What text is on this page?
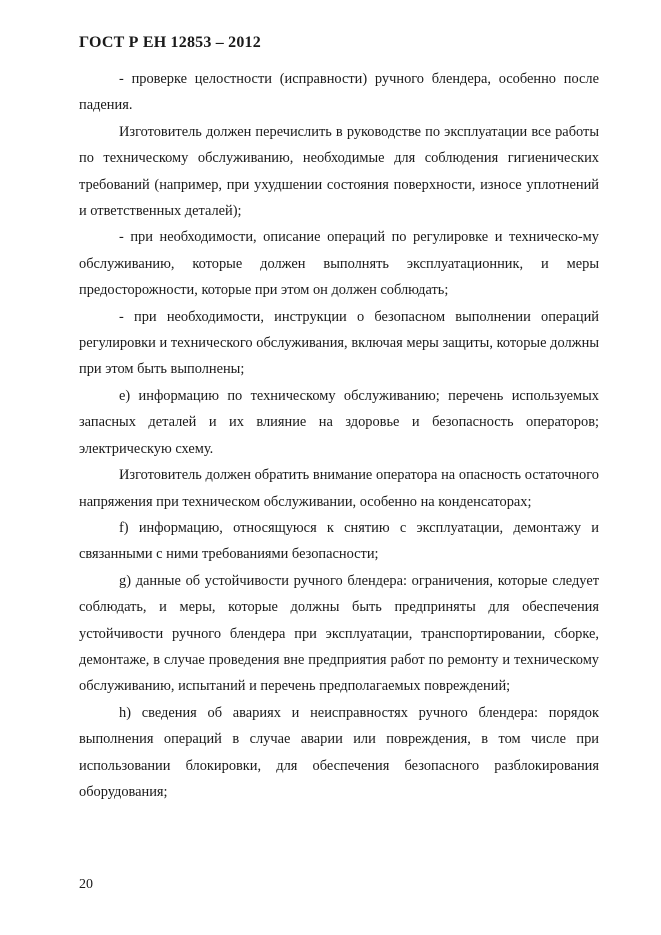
ГОСТ Р ЕН 12853 – 2012

- проверке целостности (исправности) ручного блендера, особенно после падения.

Изготовитель должен перечислить в руководстве по эксплуатации все работы по техническому обслуживанию, необходимые для соблюдения гигиенических требований (например, при ухудшении состояния поверхности, износе уплотнений и ответственных деталей);

- при необходимости, описание операций по регулировке и техническо-му обслуживанию, которые должен выполнять эксплуатационник, и меры предосторожности, которые при этом он должен соблюдать;

- при необходимости, инструкции о безопасном выполнении операций регулировки и технического обслуживания, включая меры защиты, которые должны при этом быть выполнены;

е) информацию по техническому обслуживанию; перечень используемых запасных деталей и их влияние на здоровье и безопасность операторов; электрическую схему.

Изготовитель должен обратить внимание оператора на опасность остаточного напряжения при техническом обслуживании, особенно на конденсаторах;

f) информацию, относящуюся к снятию с эксплуатации, демонтажу и связанными с ними требованиями безопасности;

g) данные об устойчивости ручного блендера: ограничения, которые следует соблюдать, и меры, которые должны быть предприняты для обеспечения устойчивости ручного блендера при эксплуатации, транспортировании, сборке, демонтаже, в случае проведения вне предприятия работ по ремонту и техническому обслуживанию, испытаний и перечень предполагаемых повреждений;

h) сведения об авариях и неисправностях ручного блендера: порядок выполнения операций в случае аварии или повреждения, в том числе при использовании блокировки, для обеспечения безопасного разблокирования оборудования;

20
